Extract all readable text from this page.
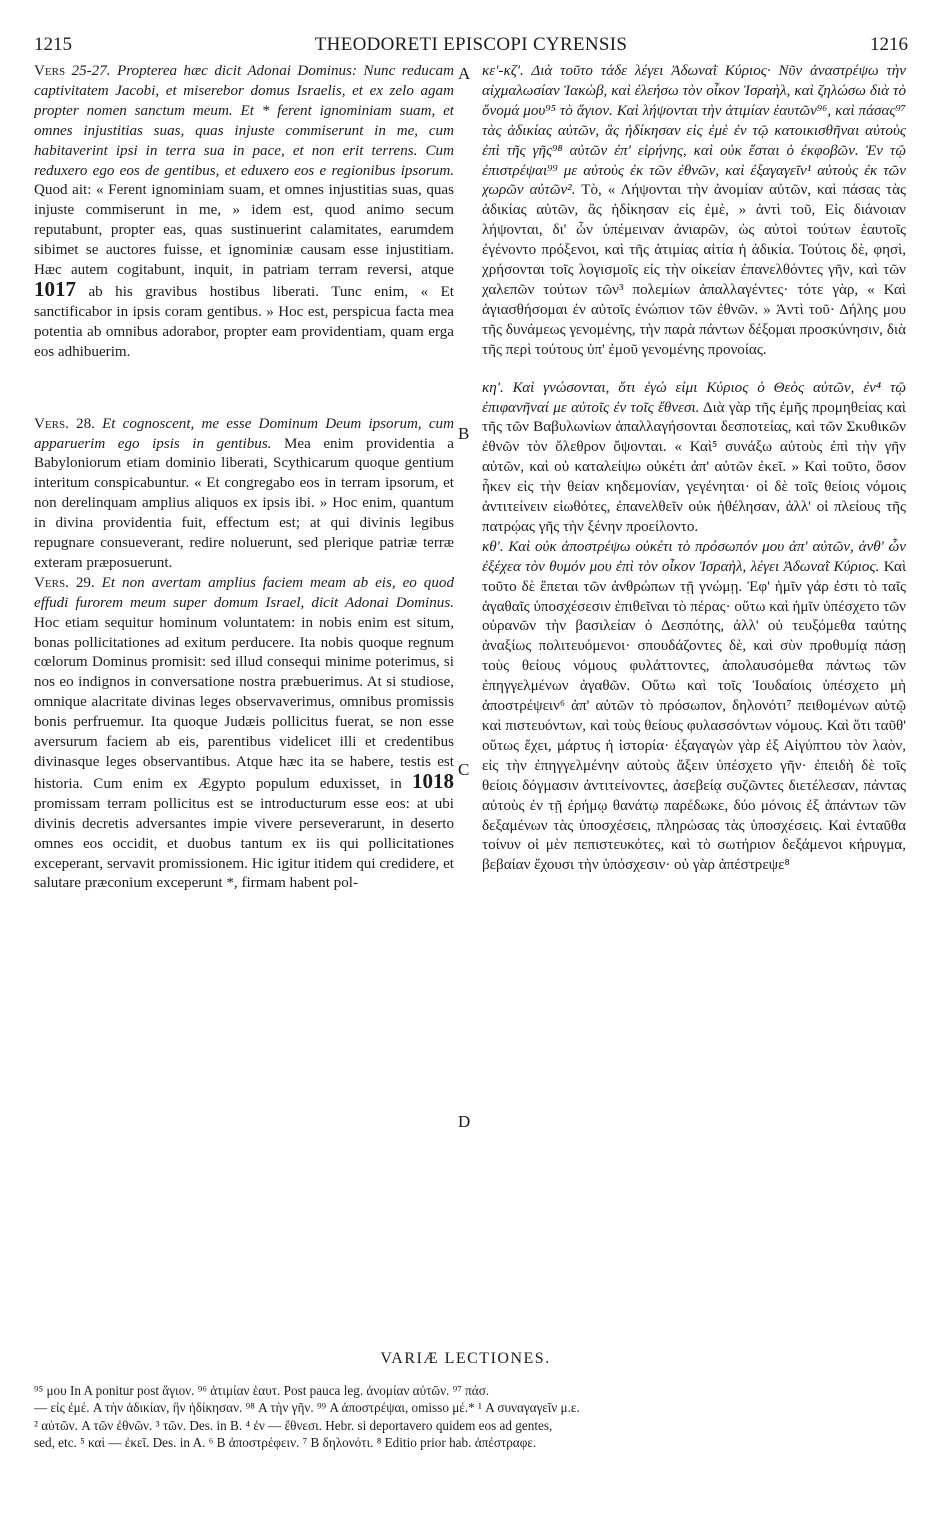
1215	THEODORETI EPISCOPI CYRENSIS	1216
A
B
C
D

Vers 25-27. Propterea hæc dicit Adonai Dominus: Nunc reducam captivitatem Jacobi, et miserebor domus Israelis, et ex zelo agam propter nomen sanctum meum. Et * ferent ignominiam suam, et omnes injustitias suas, quas injuste commiserunt in me, cum habitaverint ipsi in terra sua in pace, et non erit terrens. Cum reduxero ego eos de gentibus, et eduxero eos e regionibus ipsorum. Quod ait: « Ferent ignominiam suam, et omnes injustitias suas, quas injuste commiserunt in me, » idem est, quod animo secum reputabunt, propter eas, quas sustinuerint calamitates, earumdem sibimet se auctores fuisse, et ignominiæ causam esse injustitiam. Hæc autem cogitabunt, inquit, in patriam terram reversi, atque 1017 ab his gravibus hostibus liberati. Tunc enim, « Et sanctificabor in ipsis coram gentibus. » Hoc est, perspicua facta mea potentia ab omnibus adorabor, propter eam providentiam, quam erga eos adhibuerim.

Vers. 28. Et cognoscent, me esse Dominum Deum ipsorum, cum apparuerim ego ipsis in gentibus. Mea enim providentia a Babyloniorum etiam dominio liberati, Scythicarum quoque gentium interitum conspicabuntur. « Et congregabo eos in terram ipsorum, et non derelinquam amplius aliquos ex ipsis ibi. » Hoc enim, quantum in divina providentia fuit, effectum est; at qui divinis legibus repugnare consueverant, redire noluerunt, sed plerique patriæ terræ exteram præposuerunt.

Vers. 29. Et non avertam amplius faciem meam ab eis, eo quod effudi furorem meum super domum Israel, dicit Adonai Dominus. Hoc etiam sequitur hominum voluntatem: in nobis enim est situm, bonas pollicitationes ad exitum perducere. Ita nobis quoque regnum cœlorum Dominus promisit: sed illud consequi minime poterimus, si nos eo indignos in conversatione nostra præbuerimus. At si studiose, omnique alacritate divinas leges observaverimus, omnibus promissis bonis perfruemur. Ita quoque Judæis pollicitus fuerat, se non esse aversurum faciem ab eis, parentibus videlicet illi et credentibus divinasque leges observantibus. Atque hæc ita se habere, testis est historia. Cum enim ex Ægypto populum eduxisset, in 1018 promissam terram pollicitus est se introducturum esse eos: at ubi divinis decretis adversantes impie vivere perseverarunt, in deserto omnes eos occidit, et duobus tantum ex iis qui pollicitationes exceperant, servavit promissionem. Hic igitur itidem qui credidere, et salutare præconium exceperunt *, firmam habent pol-

κε'-κζ'. Διὰ τοῦτο τάδε λέγει Ἀδωναῒ Κύριος· Νῦν ἀναστρέψω τὴν αἰχμαλωσίαν Ἰακὼβ, καὶ ἐλεήσω τὸν οἶκον Ἰσραὴλ, καὶ ζηλώσω διὰ τὸ ὄνομά μου⁹⁵ τὸ ἅγιον. Καὶ λήψονται τὴν ἀτιμίαν ἑαυτῶν⁹⁶, καὶ πάσας⁹⁷ τὰς ἀδικίας αὐτῶν, ἃς ἠδίκησαν εἰς ἐμὲ ἐν τῷ κατοικισθῆναι αὐτοὺς ἐπὶ τῆς γῆς⁹⁸ αὐτῶν ἐπ' εἰρήνης, καὶ οὐκ ἔσται ὁ ἐκφοβῶν. Ἐν τῷ ἐπιστρέψαι⁹⁹ με αὐτοὺς ἐκ τῶν ἐθνῶν, καὶ ἐξαγαγεῖν¹ αὐτοὺς ἐκ τῶν χωρῶν αὐτῶν². Τὸ, « Λήψονται τὴν ἀνομίαν αὐτῶν, καὶ πάσας τὰς ἀδικίας αὐτῶν, ἃς ἠδίκησαν εἰς ἐμὲ, » ἀντὶ τοῦ, Εἰς διάνοιαν λήψονται, δι' ὧν ὑπέμειναν ἀνιαρῶν, ὡς αὐτοὶ τούτων ἑαυτοῖς ἐγένοντο πρόξενοι, καὶ τῆς ἀτιμίας αἰτία ἡ ἀδικία. Τούτοις δὲ, φησὶ, χρήσονται τοῖς λογισμοῖς εἰς τὴν οἰκείαν ἐπανελθόντες γῆν, καὶ τῶν χαλεπῶν τούτων τῶν³ πολεμίων ἀπαλλαγέντες· τότε γὰρ, « Καὶ ἁγιασθήσομαι ἐν αὐτοῖς ἐνώπιον τῶν ἐθνῶν. » Ἀντὶ τοῦ· Δήλης μου τῆς δυνάμεως γενομένης, τὴν παρὰ πάντων δέξομαι προσκύνησιν, διὰ τῆς περὶ τούτους ὑπ' ἐμοῦ γενομένης προνοίας.

κη'. Καὶ γνώσονται, ὅτι ἐγώ εἰμι Κύριος ὁ Θεὸς αὐτῶν, ἐν⁴ τῷ ἐπιφανῆναί με αὐτοῖς ἐν τοῖς ἔθνεσι. Διὰ γὰρ τῆς ἐμῆς προμηθείας καὶ τῆς τῶν Βαβυλωνίων ἀπαλλαγήσονται δεσποτείας, καὶ τῶν Σκυθικῶν ἐθνῶν τὸν ὄλεθρον ὄψονται. « Καὶ⁵ συνάξω αὐτοὺς ἐπὶ τὴν γῆν αὐτῶν, καὶ οὐ καταλείψω οὐκέτι ἀπ' αὐτῶν ἐκεῖ. » Καὶ τοῦτο, ὅσον ἧκεν εἰς τὴν θείαν κηδεμονίαν, γεγένηται· οἱ δὲ τοῖς θείοις νόμοις ἀντιτείνειν εἰωθότες, ἐπανελθεῖν οὐκ ἠθέλησαν, ἀλλ' οἱ πλείους τῆς πατρῴας γῆς τὴν ξένην προείλοντο.

κθ'. Καὶ οὐκ ἀποστρέψω οὐκέτι τὸ πρόσωπόν μου ἀπ' αὐτῶν, ἀνθ' ὧν ἐξέχεα τὸν θυμόν μου ἐπὶ τὸν οἶκον Ἰσραὴλ, λέγει Ἀδωναῒ Κύριος. Καὶ τοῦτο δὲ ἕπεται τῶν ἀνθρώπων τῇ γνώμῃ. Ἐφ' ἡμῖν γάρ ἐστι τὸ ταῖς ἀγαθαῖς ὑποσχέσεσιν ἐπιθεῖναι τὸ πέρας· οὕτω καὶ ἡμῖν ὑπέσχετο τῶν οὐρανῶν τὴν βασιλείαν ὁ Δεσπότης, ἀλλ' οὐ τευξόμεθα ταύτης ἀναξίως πολιτευόμενοι· σπουδάζοντες δὲ, καὶ σὺν προθυμίᾳ πάσῃ τοὺς θείους νόμους φυλάττοντες, ἀπολαυσόμεθα πάντως τῶν ἐπηγγελμένων ἀγαθῶν. Οὕτω καὶ τοῖς Ἰουδαίοις ὑπέσχετο μὴ ἀποστρέψειν⁶ ἀπ' αὐτῶν τὸ πρόσωπον, δηλονότι⁷ πειθομένων αὐτῷ καὶ πιστευόντων, καὶ τοὺς θείους φυλασσόντων νόμους. Καὶ ὅτι ταῦθ' οὕτως ἔχει, μάρτυς ἡ ἱστορία· ἐξαγαγὼν γὰρ ἐξ Αἰγύπτου τὸν λαὸν, εἰς τὴν ἐπηγγελμένην αὐτοὺς ἄξειν ὑπέσχετο γῆν· ἐπειδὴ δὲ τοῖς θείοις δόγμασιν ἀντιτείνοντες, ἀσεβείᾳ συζῶντες διετέλεσαν, πάντας αὐτοὺς ἐν τῇ ἐρήμῳ θανάτῳ παρέδωκε, δύο μόνοις ἐξ ἁπάντων τῶν δεξαμένων τὰς ὑποσχέσεις, πληρώσας τὰς ὑποσχέσεις. Καὶ ἐνταῦθα τοίνυν οἱ μὲν πεπιστευκότες, καὶ τὸ σωτήριον δεξάμενοι κήρυγμα, βεβαίαν ἔχουσι τὴν ὑπόσχεσιν· οὐ γὰρ ἀπέστρεψε⁸

VARIÆ LECTIONES.

⁹⁵ μου In A ponitur post ἅγιον. ⁹⁶ ἀτιμίαν ἑαυτ. Post pauca leg. ἀνομίαν αὐτῶν. ⁹⁷ πάσ.

— εἰς ἐμέ. A τὴν ἀδικίαν, ἣν ἠδίκησαν. ⁹⁸ A τὴν γῆν. ⁹⁹ A ἀποστρέψαι, omisso μέ.* ¹ A συναγαγεῖν μ.ε.

² αὐτῶν. A τῶν ἐθνῶν. ³ τῶν. Des. in B. ⁴ ἐν — ἔθνεσι. Hebr. si deportavero quidem eos ad gentes,

sed, etc. ⁵ καὶ — ἐκεῖ. Des. in A. ⁶ B ἀποστρέφειν. ⁷ B δηλονότι. ⁸ Editio prior hab. ἀπέστραφε.
